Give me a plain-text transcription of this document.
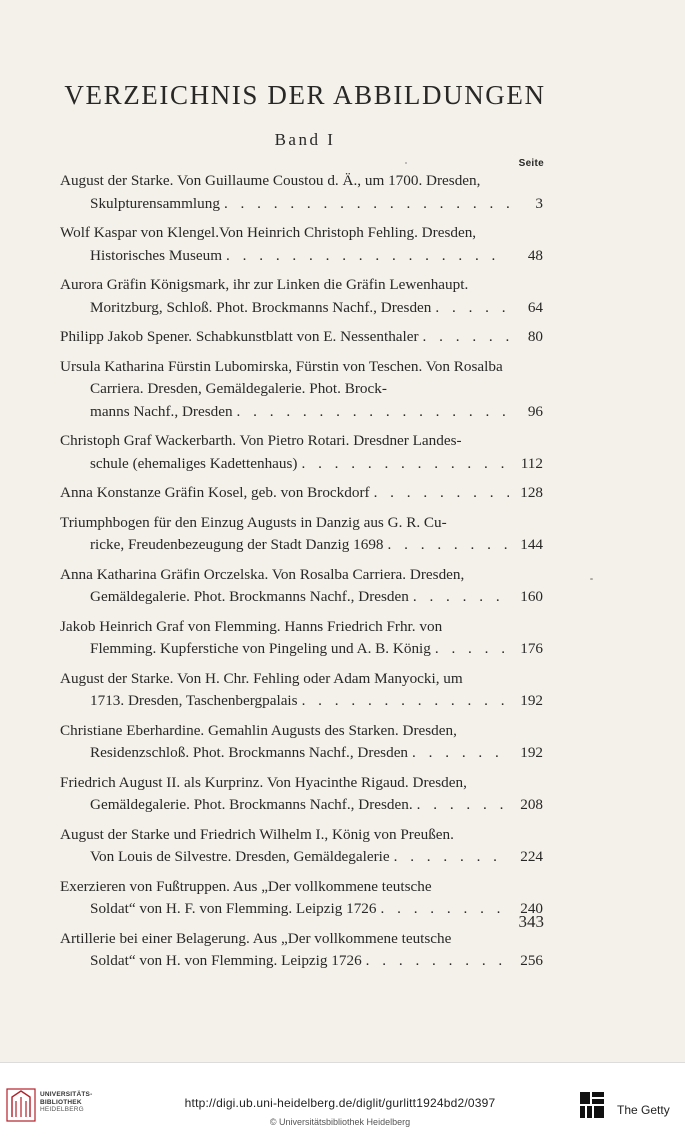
VERZEICHNIS DER ABBILDUNGEN
Band I
Seite
August der Starke. Von Guillaume Coustou d. Ä., um 1700. Dresden,
Skulpturensammlung . . .	3
Wolf Kaspar von Klengel.Von Heinrich Christoph Fehling. Dresden,
Historisches Museum . . .	48
Aurora Gräfin Königsmark, ihr zur Linken die Gräfin Lewenhaupt.
Moritzburg, Schloß. Phot. Brockmanns Nachf., Dresden . . .	64
Philipp Jakob Spener. Schabkunstblatt von E. Nessenthaler . . .	80
Ursula Katharina Fürstin Lubomirska, Fürstin von Teschen. Von Rosalba Carriera. Dresden, Gemäldegalerie. Phot. Brock-
manns Nachf., Dresden . . .	96
Christoph Graf Wackerbarth. Von Pietro Rotari. Dresdner Landes-
schule (ehemaliges Kadettenhaus) . . .	112
Anna Konstanze Gräfin Kosel, geb. von Brockdorf . . .	128
Triumphbogen für den Einzug Augusts in Danzig aus G. R. Cu-
ricke, Freudenbezeugung der Stadt Danzig 1698 . . .	144
Anna Katharina Gräfin Orczelska. Von Rosalba Carriera. Dresden,
Gemäldegalerie. Phot. Brockmanns Nachf., Dresden . . .	160
Jakob Heinrich Graf von Flemming. Hanns Friedrich Frhr. von
Flemming. Kupferstiche von Pingeling und A. B. König . . .	176
August der Starke. Von H. Chr. Fehling oder Adam Manyocki, um
1713. Dresden, Taschenbergpalais . . .	192
Christiane Eberhardine. Gemahlin Augusts des Starken. Dresden,
Residenzschloß. Phot. Brockmanns Nachf., Dresden . . .	192
Friedrich August II. als Kurprinz. Von Hyacinthe Rigaud. Dresden,
Gemäldegalerie. Phot. Brockmanns Nachf., Dresden. . . .	208
August der Starke und Friedrich Wilhelm I., König von Preußen.
Von Louis de Silvestre. Dresden, Gemäldegalerie . . .	224
Exerzieren von Fußtruppen. Aus „Der vollkommene teutsche
Soldat“ von H. F. von Flemming. Leipzig 1726 . . .	240
Artillerie bei einer Belagerung. Aus „Der vollkommene teutsche
Soldat“ von H. von Flemming. Leipzig 1726 . . .	256
343
UNIVERSITÄTS-
BIBLIOTHEK
HEIDELBERG	http://digi.ub.uni-heidelberg.de/diglit/gurlitt1924bd2/0397
© Universitätsbibliothek Heidelberg
The Getty
